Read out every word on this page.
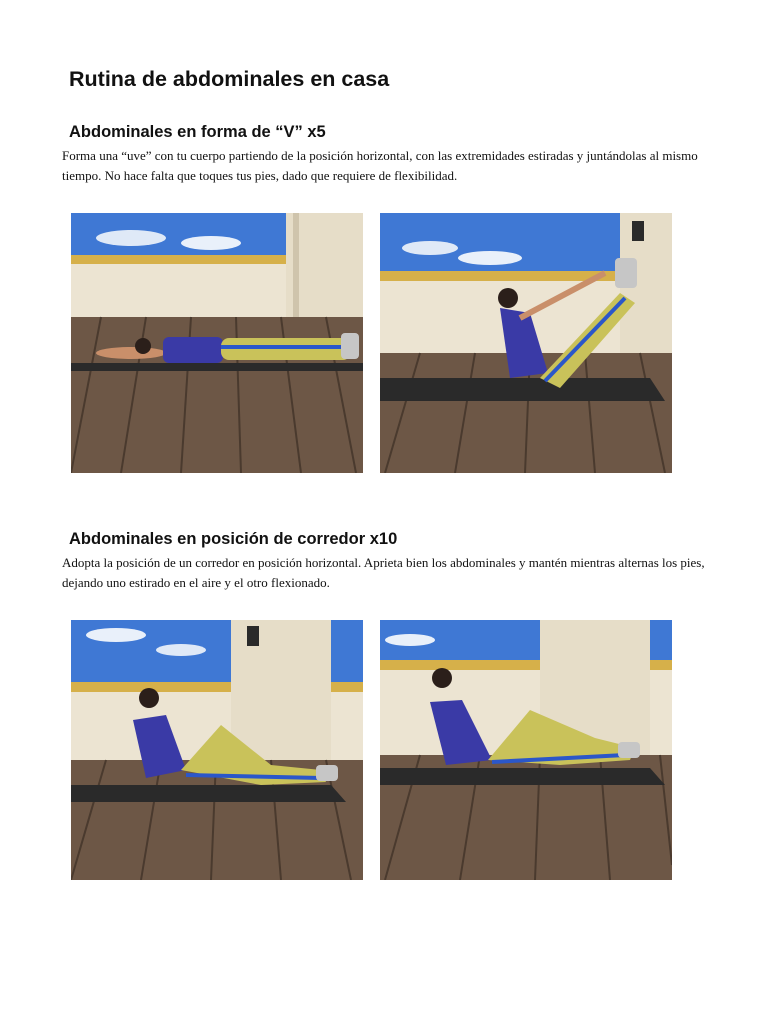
Rutina de abdominales en casa
Abdominales en forma de “V” x5

Forma una “uve” con tu cuerpo partiendo de la posición horizontal, con las extremidades estiradas y juntándolas al mismo tiempo. No hace falta que toques tus pies, dado que requiere de flexibilidad.

Abdominales en posición de corredor x10

Adopta la posición de un corredor en posición horizontal. Aprieta bien los abdominales y mantén mientras alternas los pies, dejando uno estirado en el aire y el otro flexionado.
